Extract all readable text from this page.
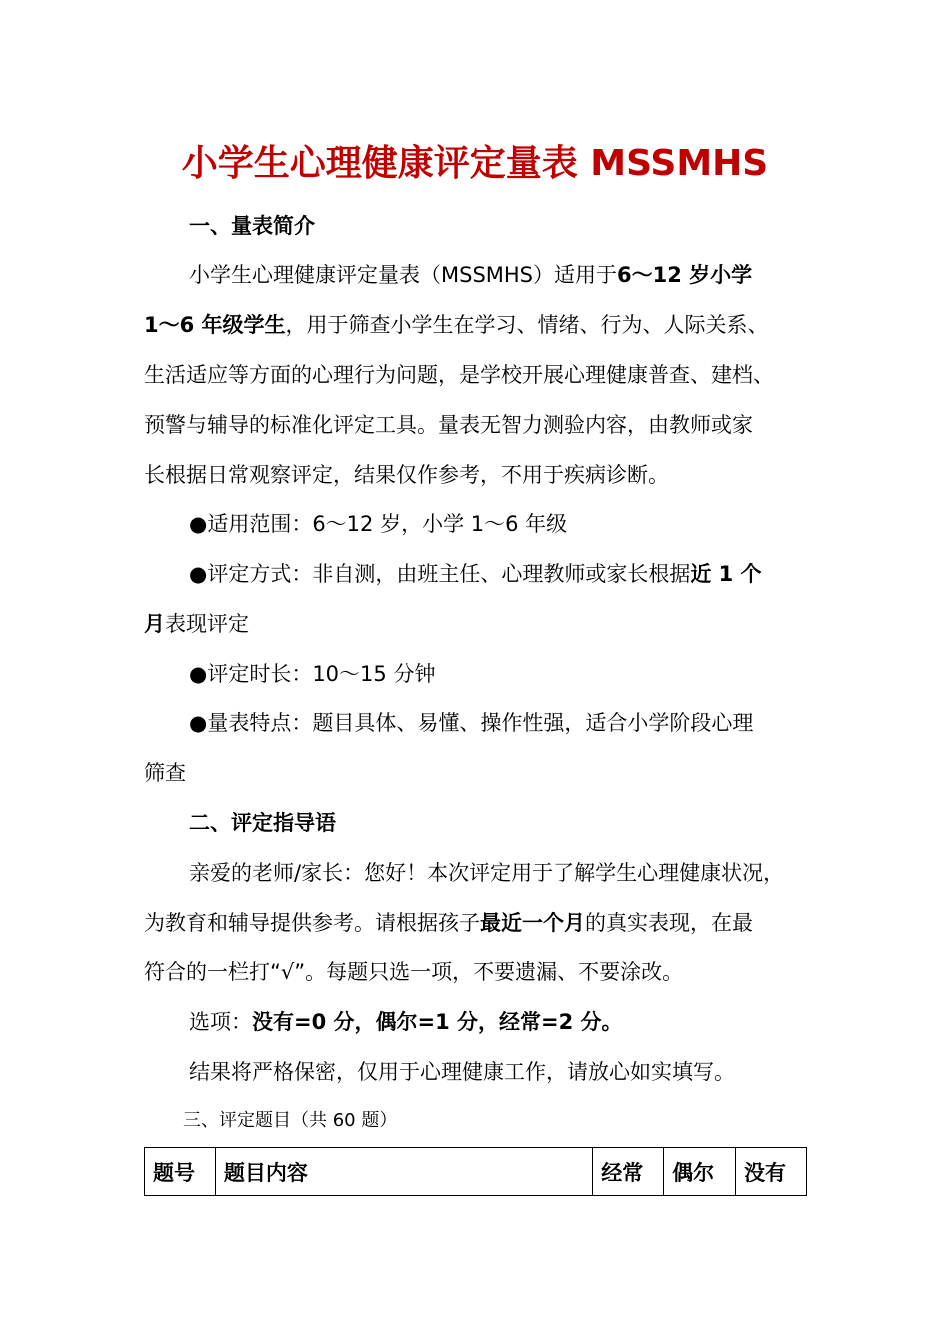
小学生心理健康评定量表 MSSMHS
一、量表简介
小学生心理健康评定量表（MSSMHS）适用于6～12 岁小学
1～6 年级学生，用于筛查小学生在学习、情绪、行为、人际关系、
生活适应等方面的心理行为问题，是学校开展心理健康普查、建档、
预警与辅导的标准化评定工具。量表无智力测验内容，由教师或家
长根据日常观察评定，结果仅作参考，不用于疾病诊断。
●适用范围：6～12 岁，小学 1～6 年级
●评定方式：非自测，由班主任、心理教师或家长根据近 1 个
月表现评定
●评定时长：10～15 分钟
●量表特点：题目具体、易懂、操作性强，适合小学阶段心理
筛查
二、评定指导语
亲爱的老师/家长：您好！本次评定用于了解学生心理健康状况，
为教育和辅导提供参考。请根据孩子最近一个月的真实表现，在最
符合的一栏打“√”。每题只选一项，不要遗漏、不要涂改。
选项：没有=0 分，偶尔=1 分，经常=2 分。
结果将严格保密，仅用于心理健康工作，请放心如实填写。
三、评定题目（共 60 题）
题号	题目内容	经常	偶尔	没有
